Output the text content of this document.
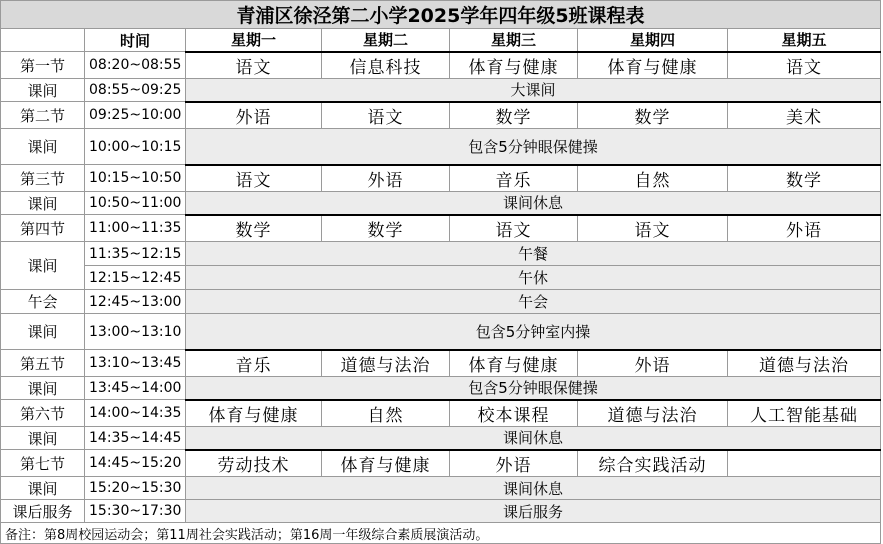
青浦区徐泾第二小学2025学年四年级5班课程表						
	时间	星期一	星期二	星期三	星期四	星期五
第一节	08:20~08:55	语文	信息科技	体育与健康	体育与健康	语文
课间	08:55~09:25	大课间				
第二节	09:25~10:00	外语	语文	数学	数学	美术
课间	10:00~10:15	包含5分钟眼保健操				
第三节	10:15~10:50	语文	外语	音乐	自然	数学
课间	10:50~11:00	课间休息				
第四节	11:00~11:35	数学	数学	语文	语文	外语
课间	11:35~12:15	午餐				
	12:15~12:45	午休				
午会	12:45~13:00	午会				
课间	13:00~13:10	包含5分钟室内操				
第五节	13:10~13:45	音乐	道德与法治	体育与健康	外语	道德与法治
课间	13:45~14:00	包含5分钟眼保健操				
第六节	14:00~14:35	体育与健康	自然	校本课程	道德与法治	人工智能基础
课间	14:35~14:45	课间休息				
第七节	14:45~15:20	劳动技术	体育与健康	外语	综合实践活动	
课间	15:20~15:30	课间休息				
课后服务	15:30~17:30	课后服务				
备注：第8周校园运动会；第11周社会实践活动；第16周一年级综合素质展演活动。						
